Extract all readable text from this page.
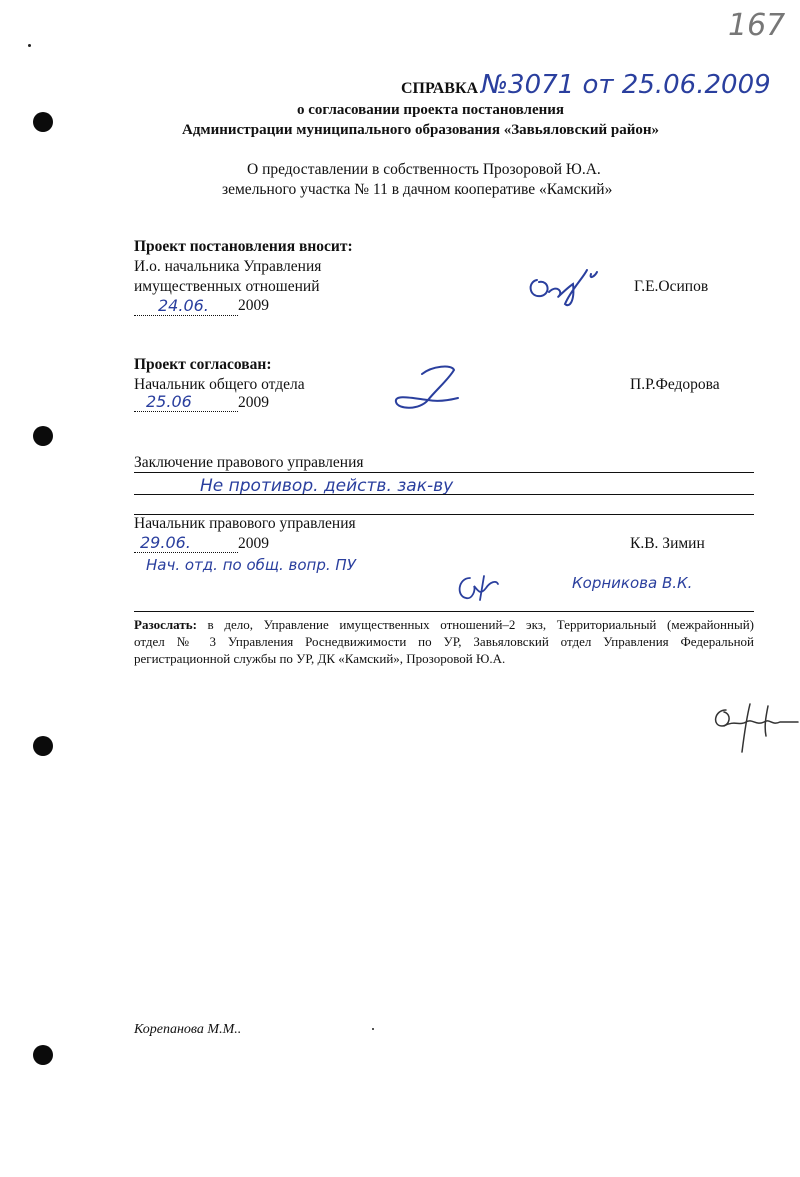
167
СПРАВКА №3071 от 25.06.2009
о согласовании проекта постановления
Администрации муниципального образования «Завьяловский район»
О предоставлении в собственность Прозоровой Ю.А.
земельного участка № 11 в дачном кооперативе «Камский»
Проект постановления вносит:
И.о. начальника Управления
имущественных отношений
24.06. 2009
Г.Е.Осипов
Проект согласован:
Начальник общего отдела
25.06	2009
П.Р.Федорова
Заключение правового управления
Не противор. действ. зак-ву
Начальник правового управления
29.06.	2009	К.В. Зимин
Нач. отд. по общ. вопр. ПУ
Корникова В.К.
Разослать: в дело, Управление имущественных отношений–2 экз, Территориальный (межрайонный)
отдел № 3 Управления Роснедвижимости по УР, Завьяловский отдел Управления Федеральной
регистрационной службы по УР, ДК «Камский», Прозоровой Ю.А.
Корепанова М.М..
